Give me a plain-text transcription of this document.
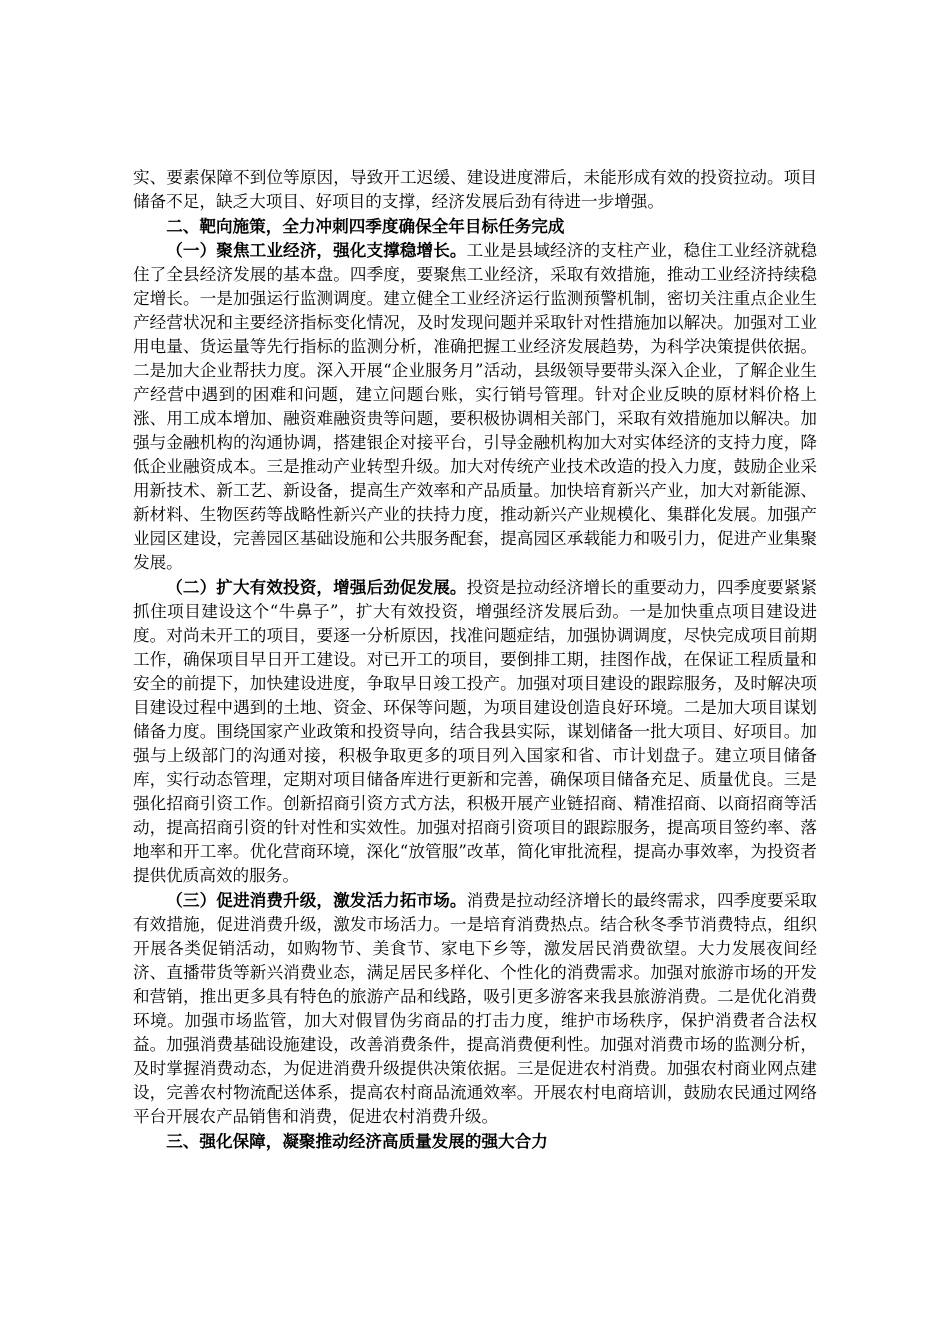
实、要素保障不到位等原因，导致开工迟缓、建设进度滞后，未能形成有效的投资拉动。项目储备不足，缺乏大项目、好项目的支撑，经济发展后劲有待进一步增强。

二、靶向施策，全力冲刺四季度确保全年目标任务完成

（一）聚焦工业经济，强化支撑稳增长。工业是县域经济的支柱产业，稳住工业经济就稳住了全县经济发展的基本盘。四季度，要聚焦工业经济，采取有效措施，推动工业经济持续稳定增长。一是加强运行监测调度。建立健全工业经济运行监测预警机制，密切关注重点企业生产经营状况和主要经济指标变化情况，及时发现问题并采取针对性措施加以解决。加强对工业用电量、货运量等先行指标的监测分析，准确把握工业经济发展趋势，为科学决策提供依据。二是加大企业帮扶力度。深入开展“企业服务月”活动，县级领导要带头深入企业，了解企业生产经营中遇到的困难和问题，建立问题台账，实行销号管理。针对企业反映的原材料价格上涨、用工成本增加、融资难融资贵等问题，要积极协调相关部门，采取有效措施加以解决。加强与金融机构的沟通协调，搭建银企对接平台，引导金融机构加大对实体经济的支持力度，降低企业融资成本。三是推动产业转型升级。加大对传统产业技术改造的投入力度，鼓励企业采用新技术、新工艺、新设备，提高生产效率和产品质量。加快培育新兴产业，加大对新能源、新材料、生物医药等战略性新兴产业的扶持力度，推动新兴产业规模化、集群化发展。加强产业园区建设，完善园区基础设施和公共服务配套，提高园区承载能力和吸引力，促进产业集聚发展。

（二）扩大有效投资，增强后劲促发展。投资是拉动经济增长的重要动力，四季度要紧紧抓住项目建设这个“牛鼻子”，扩大有效投资，增强经济发展后劲。一是加快重点项目建设进度。对尚未开工的项目，要逐一分析原因，找准问题症结，加强协调调度，尽快完成项目前期工作，确保项目早日开工建设。对已开工的项目，要倒排工期，挂图作战，在保证工程质量和安全的前提下，加快建设进度，争取早日竣工投产。加强对项目建设的跟踪服务，及时解决项目建设过程中遇到的土地、资金、环保等问题，为项目建设创造良好环境。二是加大项目谋划储备力度。围绕国家产业政策和投资导向，结合我县实际，谋划储备一批大项目、好项目。加强与上级部门的沟通对接，积极争取更多的项目列入国家和省、市计划盘子。建立项目储备库，实行动态管理，定期对项目储备库进行更新和完善，确保项目储备充足、质量优良。三是强化招商引资工作。创新招商引资方式方法，积极开展产业链招商、精准招商、以商招商等活动，提高招商引资的针对性和实效性。加强对招商引资项目的跟踪服务，提高项目签约率、落地率和开工率。优化营商环境，深化“放管服”改革，简化审批流程，提高办事效率，为投资者提供优质高效的服务。

（三）促进消费升级，激发活力拓市场。消费是拉动经济增长的最终需求，四季度要采取有效措施，促进消费升级，激发市场活力。一是培育消费热点。结合秋冬季节消费特点，组织开展各类促销活动，如购物节、美食节、家电下乡等，激发居民消费欲望。大力发展夜间经济、直播带货等新兴消费业态，满足居民多样化、个性化的消费需求。加强对旅游市场的开发和营销，推出更多具有特色的旅游产品和线路，吸引更多游客来我县旅游消费。二是优化消费环境。加强市场监管，加大对假冒伪劣商品的打击力度，维护市场秩序，保护消费者合法权益。加强消费基础设施建设，改善消费条件，提高消费便利性。加强对消费市场的监测分析，及时掌握消费动态，为促进消费升级提供决策依据。三是促进农村消费。加强农村商业网点建设，完善农村物流配送体系，提高农村商品流通效率。开展农村电商培训，鼓励农民通过网络平台开展农产品销售和消费，促进农村消费升级。

三、强化保障，凝聚推动经济高质量发展的强大合力
